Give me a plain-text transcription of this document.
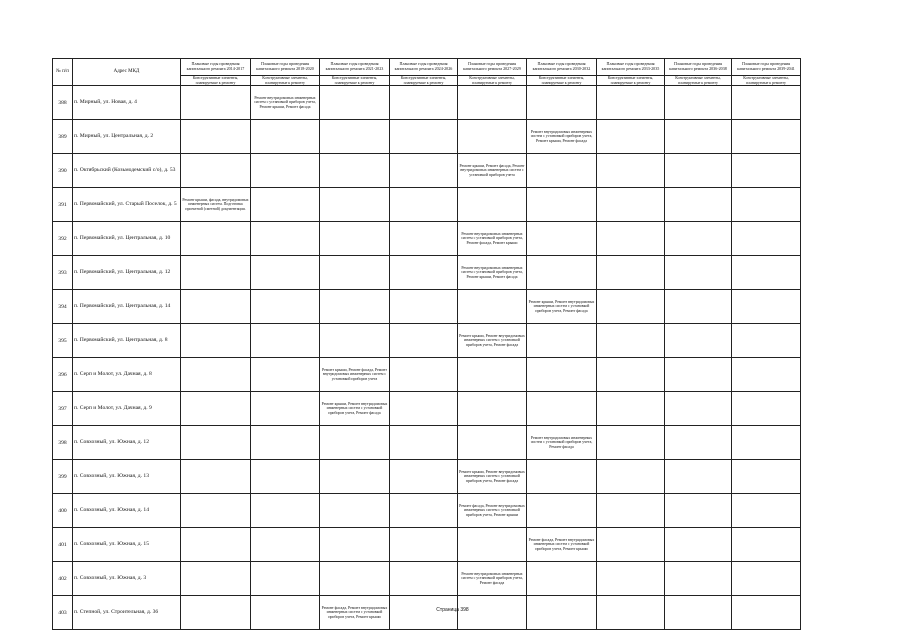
№ п/п	Адрес МКД	Плановые годы проведения капитального ремонта 2014-2017	Плановые годы проведения капитального ремонта 2018-2020	Плановые годы проведения капитального ремонта 2021-2023	Плановые годы проведения капитального ремонта 2024-2026	Плановые годы проведения капитального ремонта 2027-2029	Плановые годы проведения капитального ремонта 2030-2032	Плановые годы проведения капитального ремонта 2033-2035	Плановые годы проведения капитального ремонта 2036-2038	Плановые годы проведения капитального ремонта 2039-2041
		Конструктивные элементы, планируемые к ремонту	Конструктивные элементы, планируемые к ремонту	Конструктивные элементы, планируемые к ремонту	Конструктивные элементы, планируемые к ремонту	Конструктивные элементы, планируемые к ремонту	Конструктивные элементы, планируемые к ремонту	Конструктивные элементы, планируемые к ремонту	Конструктивные элементы, планируемые к ремонту	Конструктивные элементы, планируемые к ремонту
388	п. Мирный, ул. Новая, д. 4		Ремонт внутридомовых инженерных систем с установкой приборов учета, Ремонт крыши, Ремонт фасада							
389	п. Мирный, ул. Центральная, д. 2						Ремонт внутридомовых инженерных систем с установкой приборов учета, Ремонт крыши, Ремонт фасада			
390	п. Октябрьский (Козьмодемский с/о), д. 53					Ремонт крыши, Ремонт фасада, Ремонт внутридомовых инженерных систем с установкой приборов учета				
391	п. Первомайский, ул. Старый Поселок, д. 5	Ремонт крыши, фасада, внутридомовых инженерных систем. Подготовка проектной (сметной) документации.								
392	п. Первомайский, ул. Центральная, д. 10					Ремонт внутридомовых инженерных систем с установкой приборов учета, Ремонт фасада, Ремонт крыши				
393	п. Первомайский, ул. Центральная, д. 12					Ремонт внутридомовых инженерных систем с установкой приборов учета, Ремонт крыши, Ремонт фасада				
394	п. Первомайский, ул. Центральная, д. 14						Ремонт крыши, Ремонт внутридомовых инженерных систем с установкой приборов учета, Ремонт фасада			
395	п. Первомайский, ул. Центральная, д. 8					Ремонт крыши, Ремонт внутридомовых инженерных систем с установкой приборов учета, Ремонт фасада				
396	п. Серп и Молот, ул. Дачная, д. 8			Ремонт крыши, Ремонт фасада, Ремонт внутридомовых инженерных систем с установкой приборов учета						
397	п. Серп и Молот, ул. Дачная, д. 9			Ремонт крыши, Ремонт внутридомовых инженерных систем с установкой приборов учета, Ремонт фасада						
398	п. Совхозный, ул. Южная, д. 12						Ремонт внутридомовых инженерных систем с установкой приборов учета, Ремонт фасада			
399	п. Совхозный, ул. Южная, д. 13					Ремонт крыши, Ремонт внутридомовых инженерных систем с установкой приборов учета, Ремонт фасада				
400	п. Совхозный, ул. Южная, д. 14					Ремонт фасада, Ремонт внутридомовых инженерных систем с установкой приборов учета, Ремонт крыши				
401	п. Совхозный, ул. Южная, д. 15						Ремонт фасада, Ремонт внутридомовых инженерных систем с установкой приборов учета, Ремонт крыши			
402	п. Совхозный, ул. Южная, д. 3					Ремонт внутридомовых инженерных систем с установкой приборов учета, Ремонт фасада				
403	п. Степной, ул. Строительная, д. 36			Ремонт фасада, Ремонт внутридомовых инженерных систем с установкой приборов учета, Ремонт крыши						
Страница 398
